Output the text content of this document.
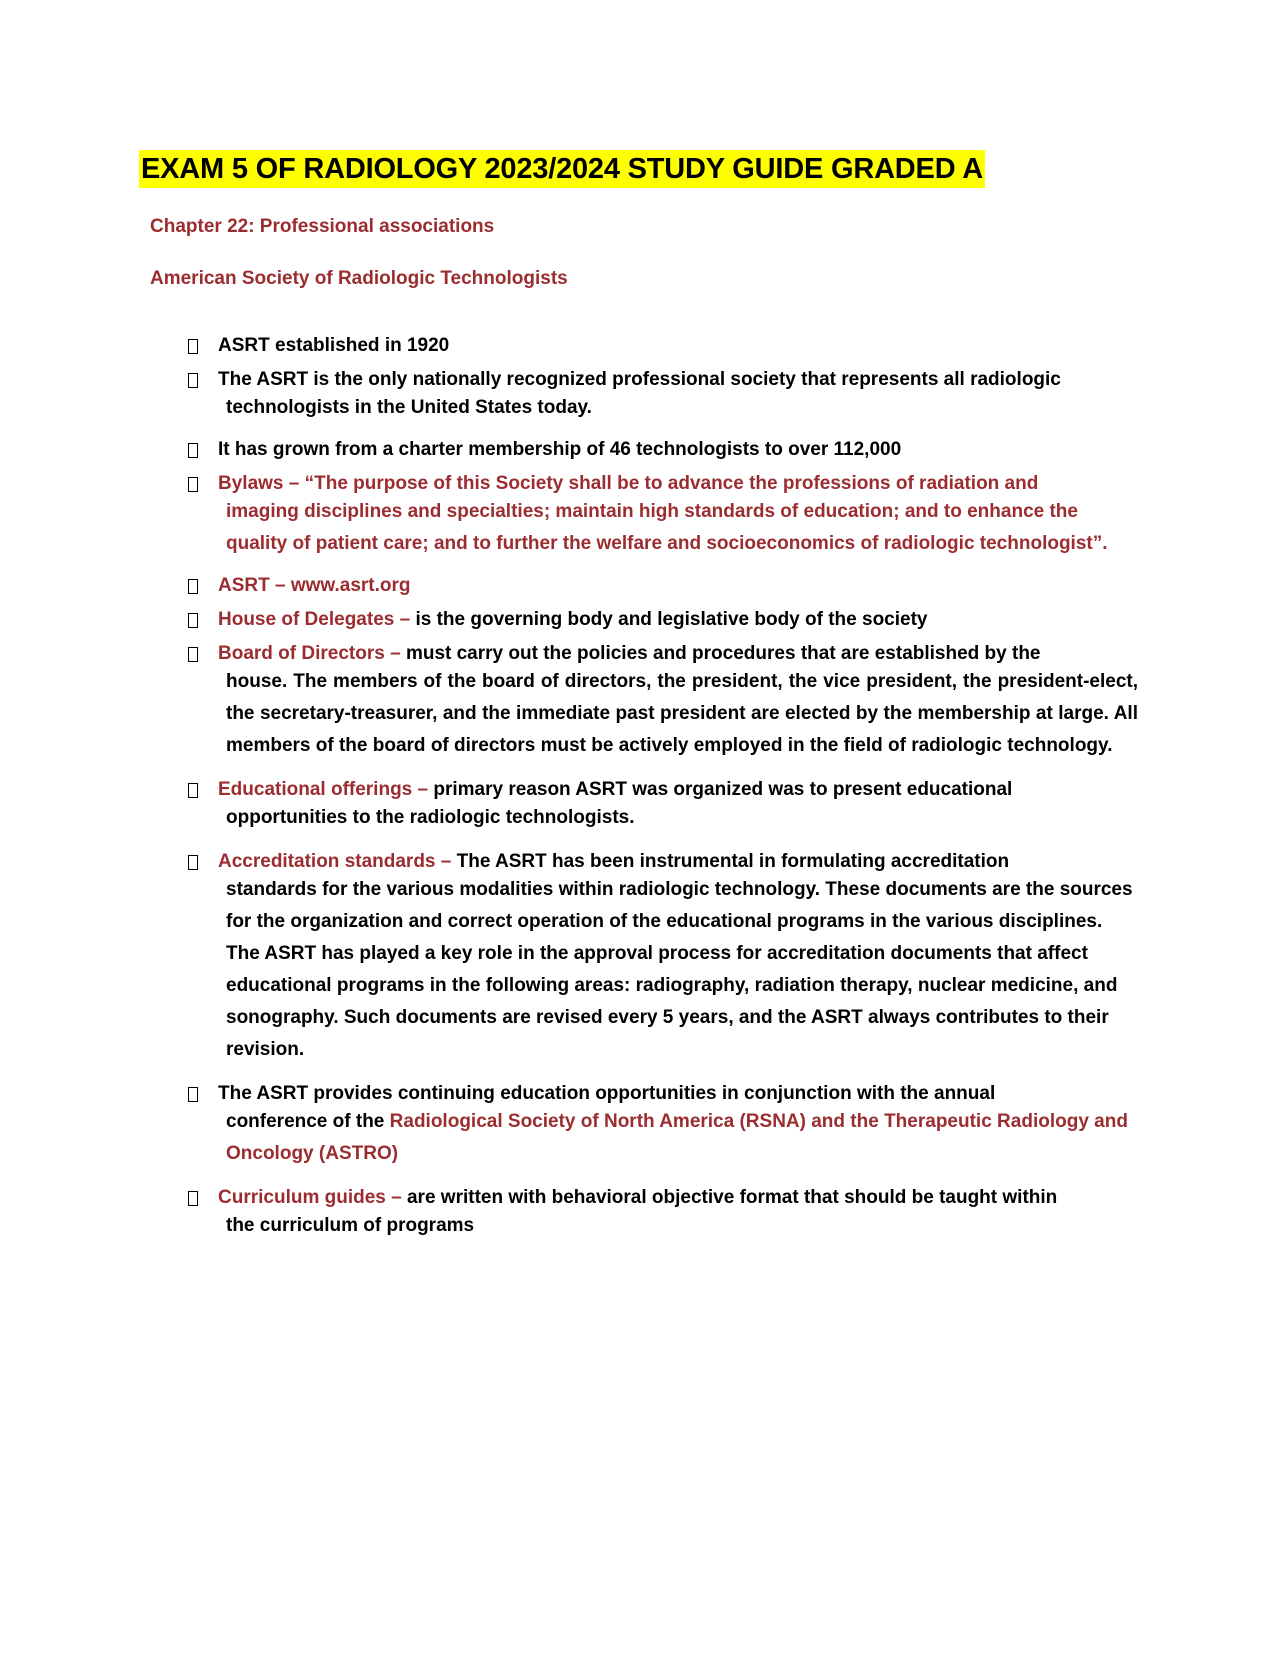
EXAM 5 OF RADIOLOGY 2023/2024 STUDY GUIDE GRADED A
Chapter 22: Professional associations
American Society of Radiologic Technologists
ASRT established in 1920
The ASRT is the only nationally recognized professional society that represents all radiologic
technologists in the United States today.
It has grown from a charter membership of 46 technologists to over 112,000
Bylaws – “The purpose of this Society shall be to advance the professions of radiation and
imaging disciplines and specialties; maintain high standards of education; and to enhance the quality of patient care; and to further the welfare and socioeconomics of radiologic technologist”.
ASRT – www.asrt.org
House of Delegates – is the governing body and legislative body of the society
Board of Directors – must carry out the policies and procedures that are established by the
house. The members of the board of directors, the president, the vice president, the president-elect, the secretary-treasurer, and the immediate past president are elected by the membership at large. All members of the board of directors must be actively employed in the field of radiologic technology.
Educational offerings – primary reason ASRT was organized was to present educational
opportunities to the radiologic technologists.
Accreditation standards – The ASRT has been instrumental in formulating accreditation
standards for the various modalities within radiologic technology. These documents are the sources for the organization and correct operation of the educational programs in the various disciplines. The ASRT has played a key role in the approval process for accreditation documents that affect educational programs in the following areas: radiography, radiation therapy, nuclear medicine, and sonography. Such documents are revised every 5 years, and the ASRT always contributes to their revision.
The ASRT provides continuing education opportunities in conjunction with the annual
conference of the Radiological Society of North America (RSNA) and the Therapeutic Radiology and Oncology (ASTRO)
Curriculum guides – are written with behavioral objective format that should be taught within
the curriculum of programs
